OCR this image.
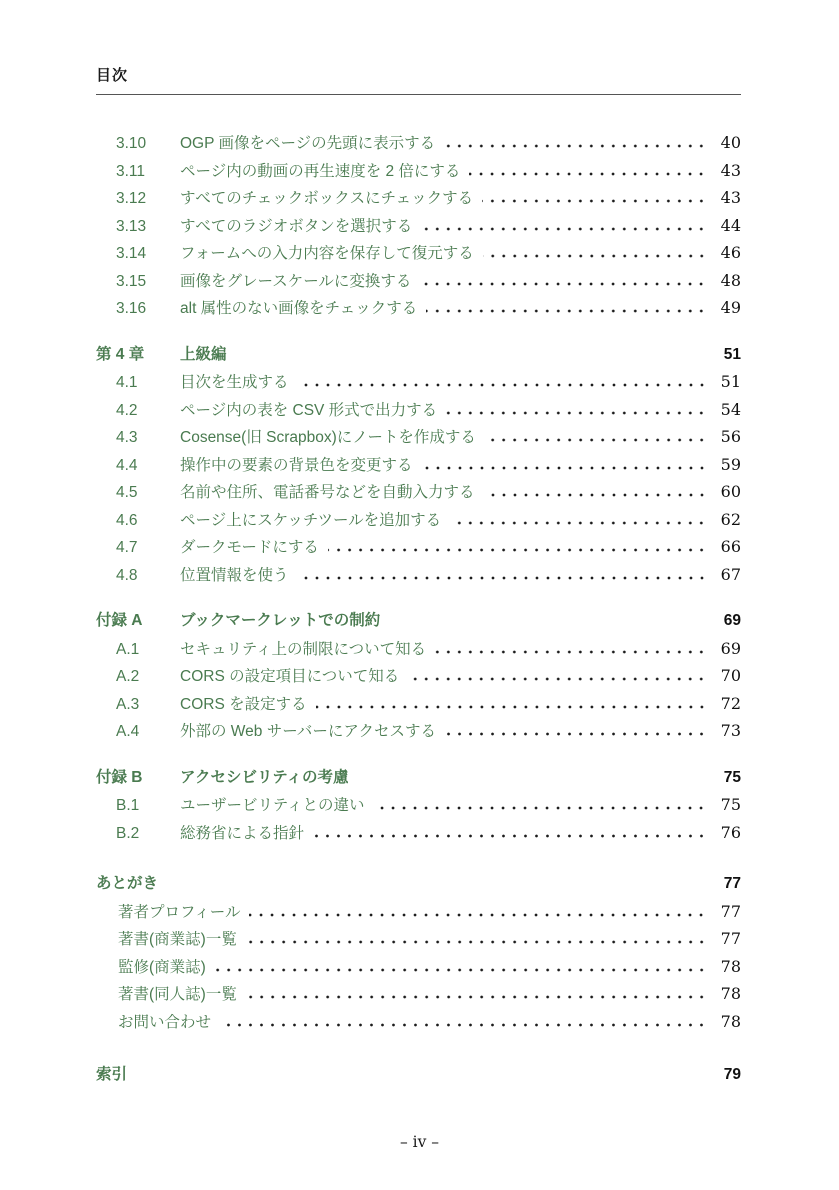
目次
3.10	OGP 画像をページの先頭に表示する	40
3.11	ページ内の動画の再生速度を 2 倍にする	43
3.12	すべてのチェックボックスにチェックする	43
3.13	すべてのラジオボタンを選択する	44
3.14	フォームへの入力内容を保存して復元する	46
3.15	画像をグレースケールに変換する	48
3.16	alt 属性のない画像をチェックする	49
第 4 章	上級編	51
4.1	目次を生成する	51
4.2	ページ内の表を CSV 形式で出力する	54
4.3	Cosense(旧 Scrapbox)にノートを作成する	56
4.4	操作中の要素の背景色を変更する	59
4.5	名前や住所、電話番号などを自動入力する	60
4.6	ページ上にスケッチツールを追加する	62
4.7	ダークモードにする	66
4.8	位置情報を使う	67
付録 A	ブックマークレットでの制約	69
A.1	セキュリティ上の制限について知る	69
A.2	CORS の設定項目について知る	70
A.3	CORS を設定する	72
A.4	外部の Web サーバーにアクセスする	73
付録 B	アクセシビリティの考慮	75
B.1	ユーザービリティとの違い	75
B.2	総務省による指針	76
あとがき	77
著者プロフィール	77
著書(商業誌)一覧	77
監修(商業誌)	78
著書(同人誌)一覧	78
お問い合わせ	78
索引	79
– iv –
